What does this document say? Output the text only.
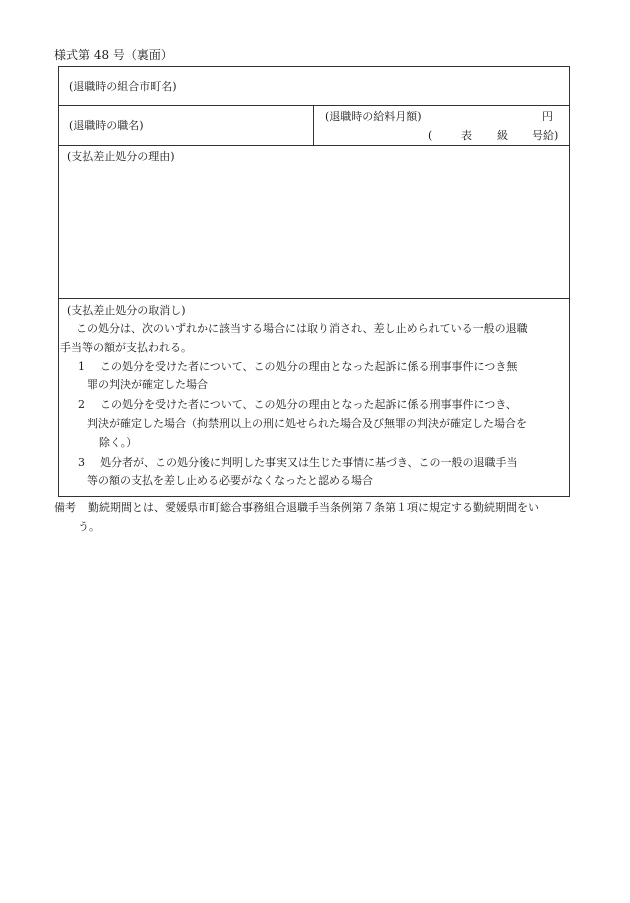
様式第 48 号（裏面）
(退職時の組合市町名)
(退職時の職名)
(退職時の給料月額)	円
(	表 級 号給)
(支払差止処分の理由)
(支払差止処分の取消し)
この処分は、次のいずれかに該当する場合には取り消され、差し止められている一般の退職
手当等の額が支払われる。
1 この処分を受けた者について、この処分の理由となった起訴に係る刑事事件につき無
罪の判決が確定した場合
2 この処分を受けた者について、この処分の理由となった起訴に係る刑事事件につき、
判決が確定した場合（拘禁刑以上の刑に処せられた場合及び無罪の判決が確定した場合を
除く。）
3 処分者が、この処分後に判明した事実又は生じた事情に基づき、この一般の退職手当
等の額の支払を差し止める必要がなくなったと認める場合
備考 勤続期間とは、愛媛県市町総合事務組合退職手当条例第７条第１項に規定する勤続期間をい
う。
